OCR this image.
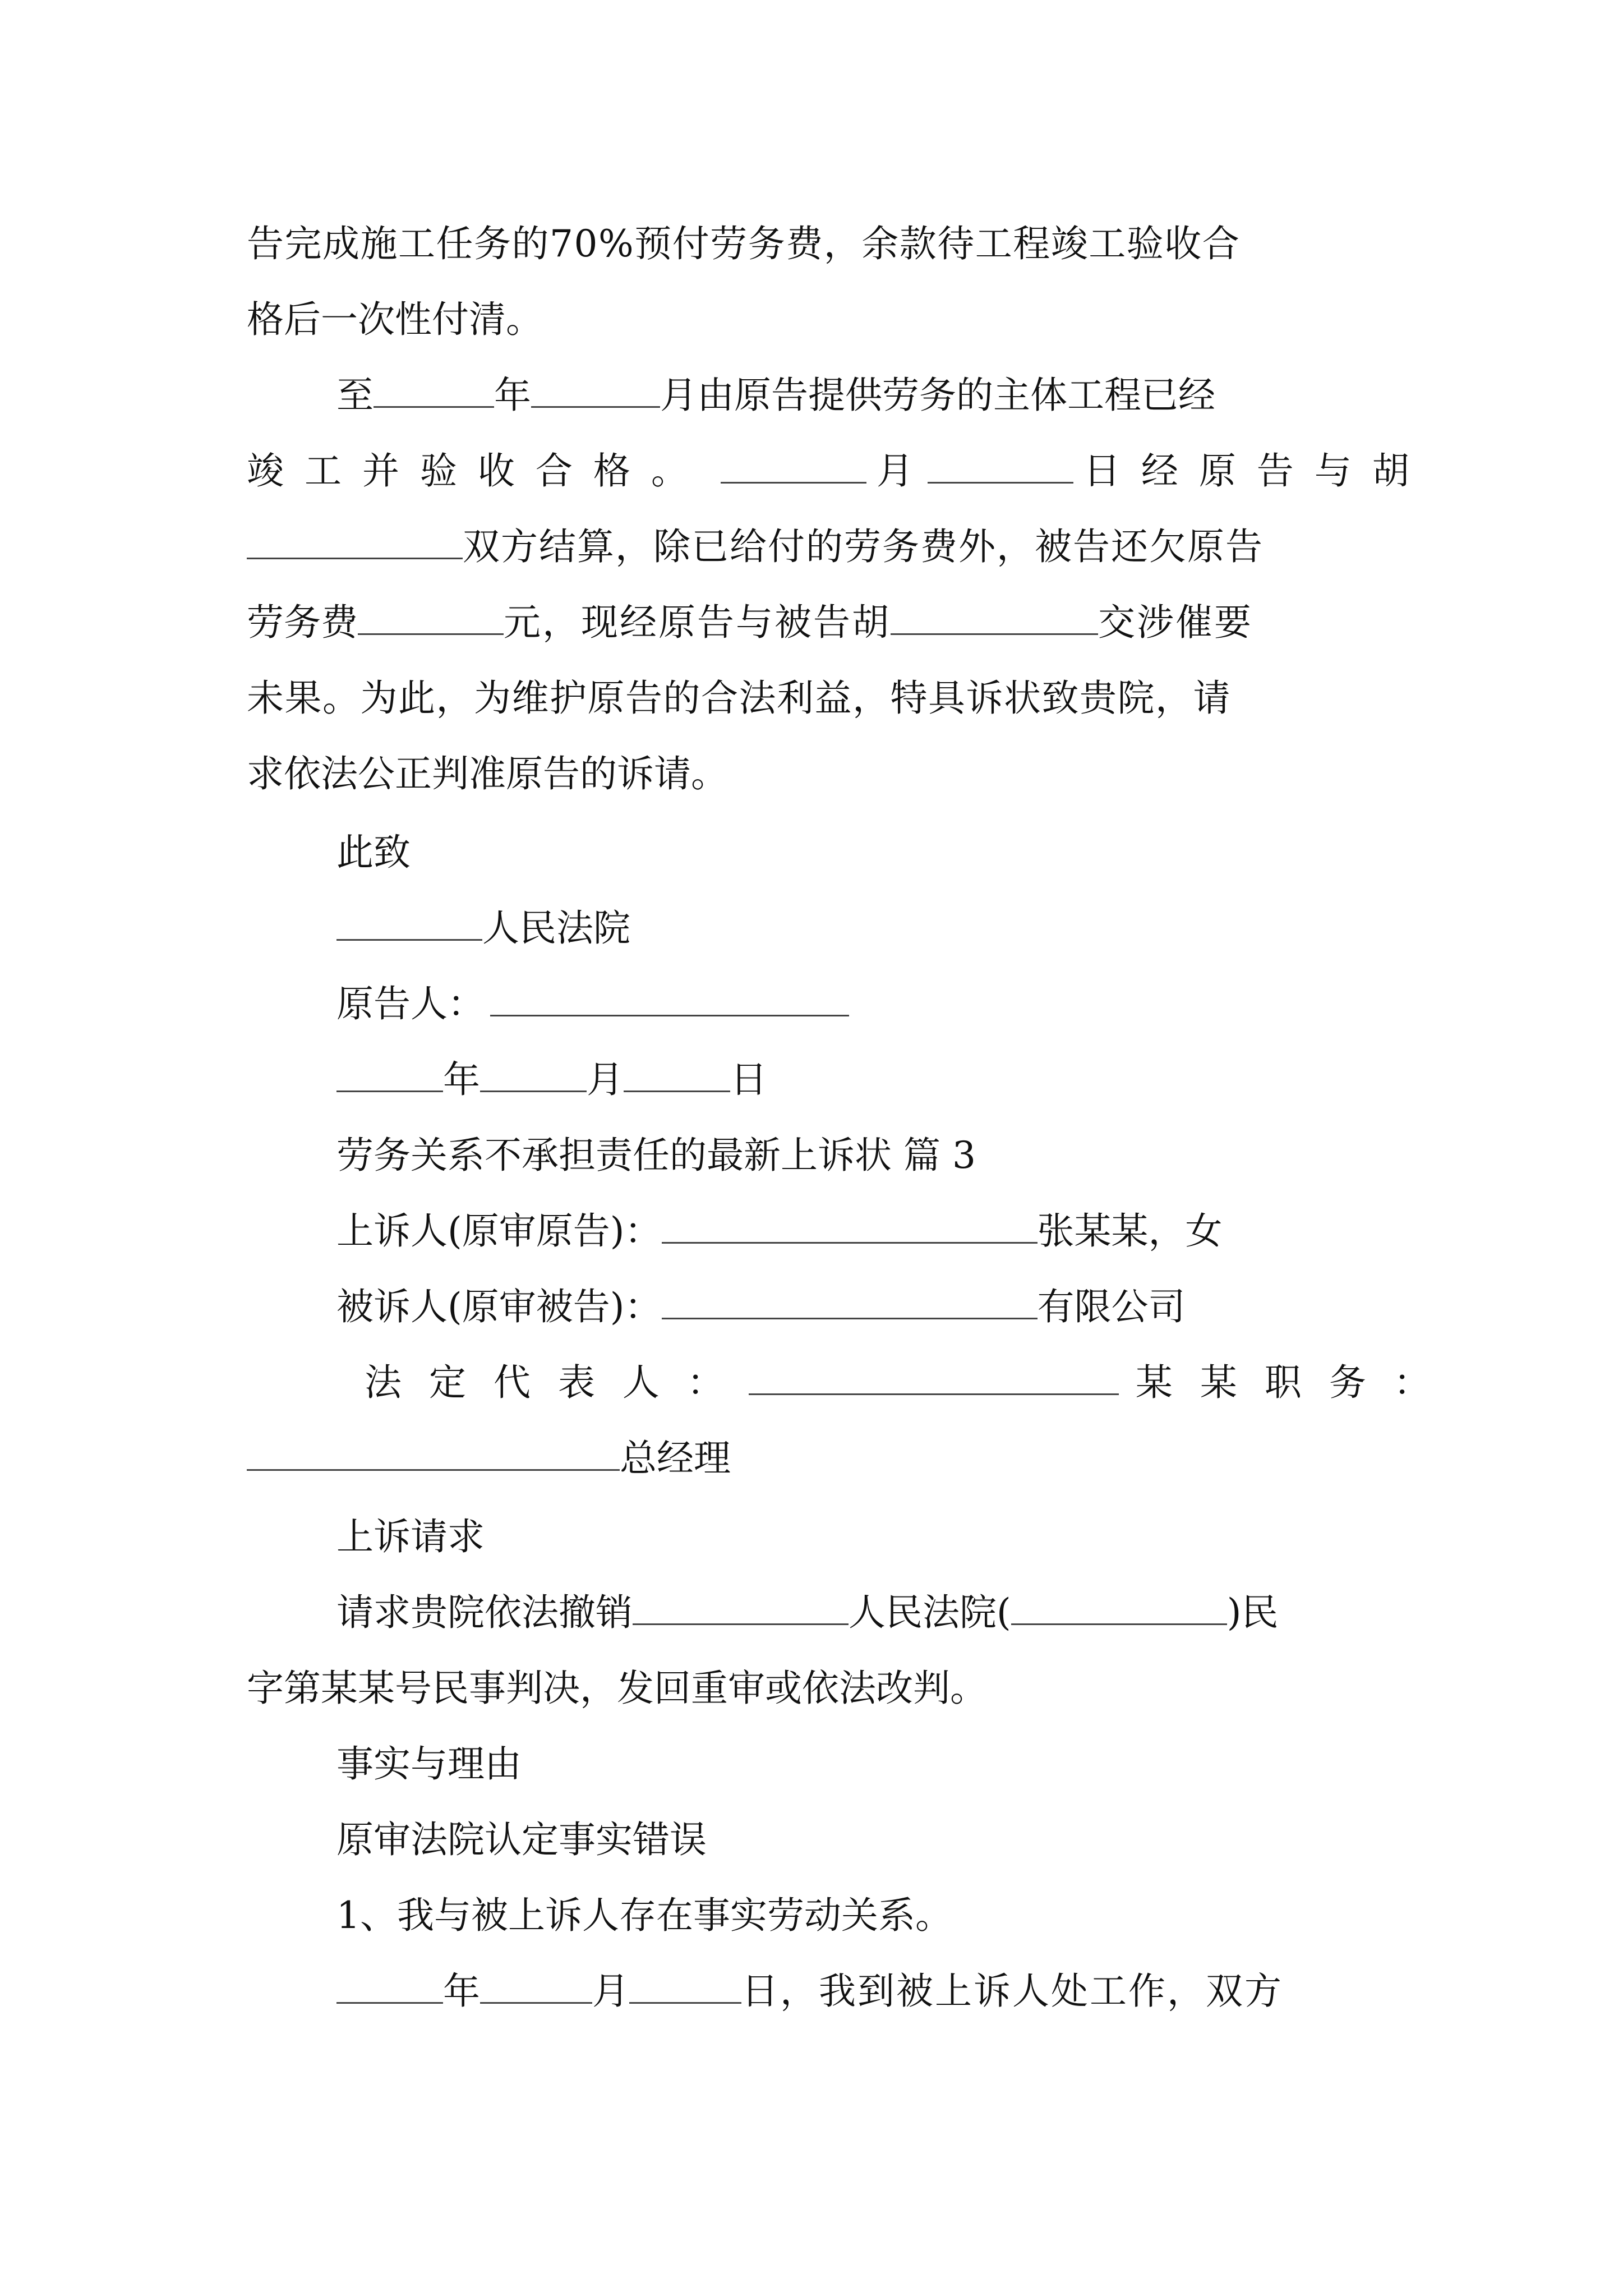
告完成施工任务的70%预付劳务费，余款待工程竣工验收合
格后一次性付清。
至	年	月由原告提供劳务的主体工程已经
竣 工 并 验 收 合 格 。	月	日 经 原 告 与 胡
双方结算，除已给付的劳务费外，被告还欠原告
劳务费	元，现经原告与被告胡	交涉催要
未果。为此，为维护原告的合法利益，特具诉状致贵院，请
求依法公正判准原告的诉请。
此致
人民法院
原告人：
年	月	日
劳务关系不承担责任的最新上诉状 篇 3
上诉人(原审原告)：	张某某，女
被诉人(原审被告)：	有限公司
法 定 代 表 人 ：	某 某 职 务 ：
总经理
上诉请求
请求贵院依法撤销	人民法院(	)民
字第某某号民事判决，发回重审或依法改判。
事实与理由
原审法院认定事实错误
1、我与被上诉人存在事实劳动关系。
年	月	日，我到被上诉人处工作，双方
